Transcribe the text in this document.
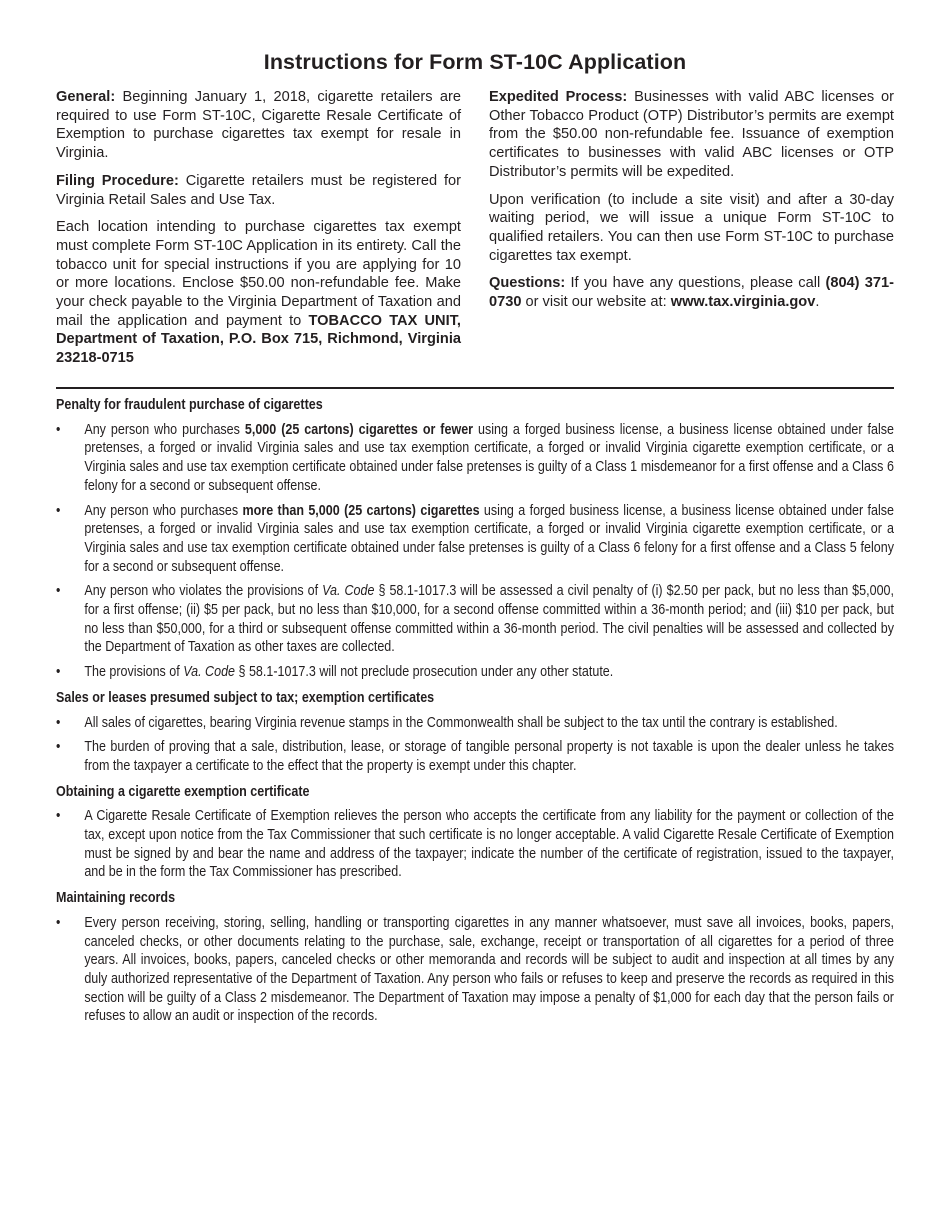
Instructions for Form ST-10C Application

General: Beginning January 1, 2018, cigarette retailers are required to use Form ST-10C, Cigarette Resale Certificate of Exemption to purchase cigarettes tax exempt for resale in Virginia.

Filing Procedure: Cigarette retailers must be registered for Virginia Retail Sales and Use Tax.

Each location intending to purchase cigarettes tax exempt must complete Form ST-10C Application in its entirety. Call the tobacco unit for special instructions if you are applying for 10 or more locations. Enclose $50.00 non-refundable fee. Make your check payable to the Virginia Department of Taxation and mail the application and payment to TOBACCO TAX UNIT, Department of Taxation, P.O. Box 715, Richmond, Virginia 23218-0715

Expedited Process: Businesses with valid ABC licenses or Other Tobacco Product (OTP) Distributor’s permits are exempt from the $50.00 non-refundable fee. Issuance of exemption certificates to businesses with valid ABC licenses or OTP Distributor’s permits will be expedited.

Upon verification (to include a site visit) and after a 30-day waiting period, we will issue a unique Form ST-10C to qualified retailers. You can then use Form ST-10C to purchase cigarettes tax exempt.

Questions: If you have any questions, please call (804) 371-0730 or visit our website at: www.tax.virginia.gov.

Penalty for fraudulent purchase of cigarettes
• Any person who purchases 5,000 (25 cartons) cigarettes or fewer using a forged business license, a business license obtained under false pretenses, a forged or invalid Virginia sales and use tax exemption certificate, a forged or invalid Virginia cigarette exemption certificate, or a Virginia sales and use tax exemption certificate obtained under false pretenses is guilty of a Class 1 misdemeanor for a first offense and a Class 6 felony for a second or subsequent offense.
• Any person who purchases more than 5,000 (25 cartons) cigarettes using a forged business license, a business license obtained under false pretenses, a forged or invalid Virginia sales and use tax exemption certificate, a forged or invalid Virginia cigarette exemption certificate, or a Virginia sales and use tax exemption certificate obtained under false pretenses is guilty of a Class 6 felony for a first offense and a Class 5 felony for a second or subsequent offense.
• Any person who violates the provisions of Va. Code § 58.1-1017.3 will be assessed a civil penalty of (i) $2.50 per pack, but no less than $5,000, for a first offense; (ii) $5 per pack, but no less than $10,000, for a second offense committed within a 36-month period; and (iii) $10 per pack, but no less than $50,000, for a third or subsequent offense committed within a 36-month period. The civil penalties will be assessed and collected by the Department of Taxation as other taxes are collected.
• The provisions of Va. Code § 58.1-1017.3 will not preclude prosecution under any other statute.
Sales or leases presumed subject to tax; exemption certificates
• All sales of cigarettes, bearing Virginia revenue stamps in the Commonwealth shall be subject to the tax until the contrary is established.
• The burden of proving that a sale, distribution, lease, or storage of tangible personal property is not taxable is upon the dealer unless he takes from the taxpayer a certificate to the effect that the property is exempt under this chapter.
Obtaining a cigarette exemption certificate
• A Cigarette Resale Certificate of Exemption relieves the person who accepts the certificate from any liability for the payment or collection of the tax, except upon notice from the Tax Commissioner that such certificate is no longer acceptable. A valid Cigarette Resale Certificate of Exemption must be signed by and bear the name and address of the taxpayer; indicate the number of the certificate of registration, issued to the taxpayer, and be in the form the Tax Commissioner has prescribed.
Maintaining records
• Every person receiving, storing, selling, handling or transporting cigarettes in any manner whatsoever, must save all invoices, books, papers, canceled checks, or other documents relating to the purchase, sale, exchange, receipt or transportation of all cigarettes for a period of three years. All invoices, books, papers, canceled checks or other memoranda and records will be subject to audit and inspection at all times by any duly authorized representative of the Department of Taxation. Any person who fails or refuses to keep and preserve the records as required in this section will be guilty of a Class 2 misdemeanor. The Department of Taxation may impose a penalty of $1,000 for each day that the person fails or refuses to allow an audit or inspection of the records.
